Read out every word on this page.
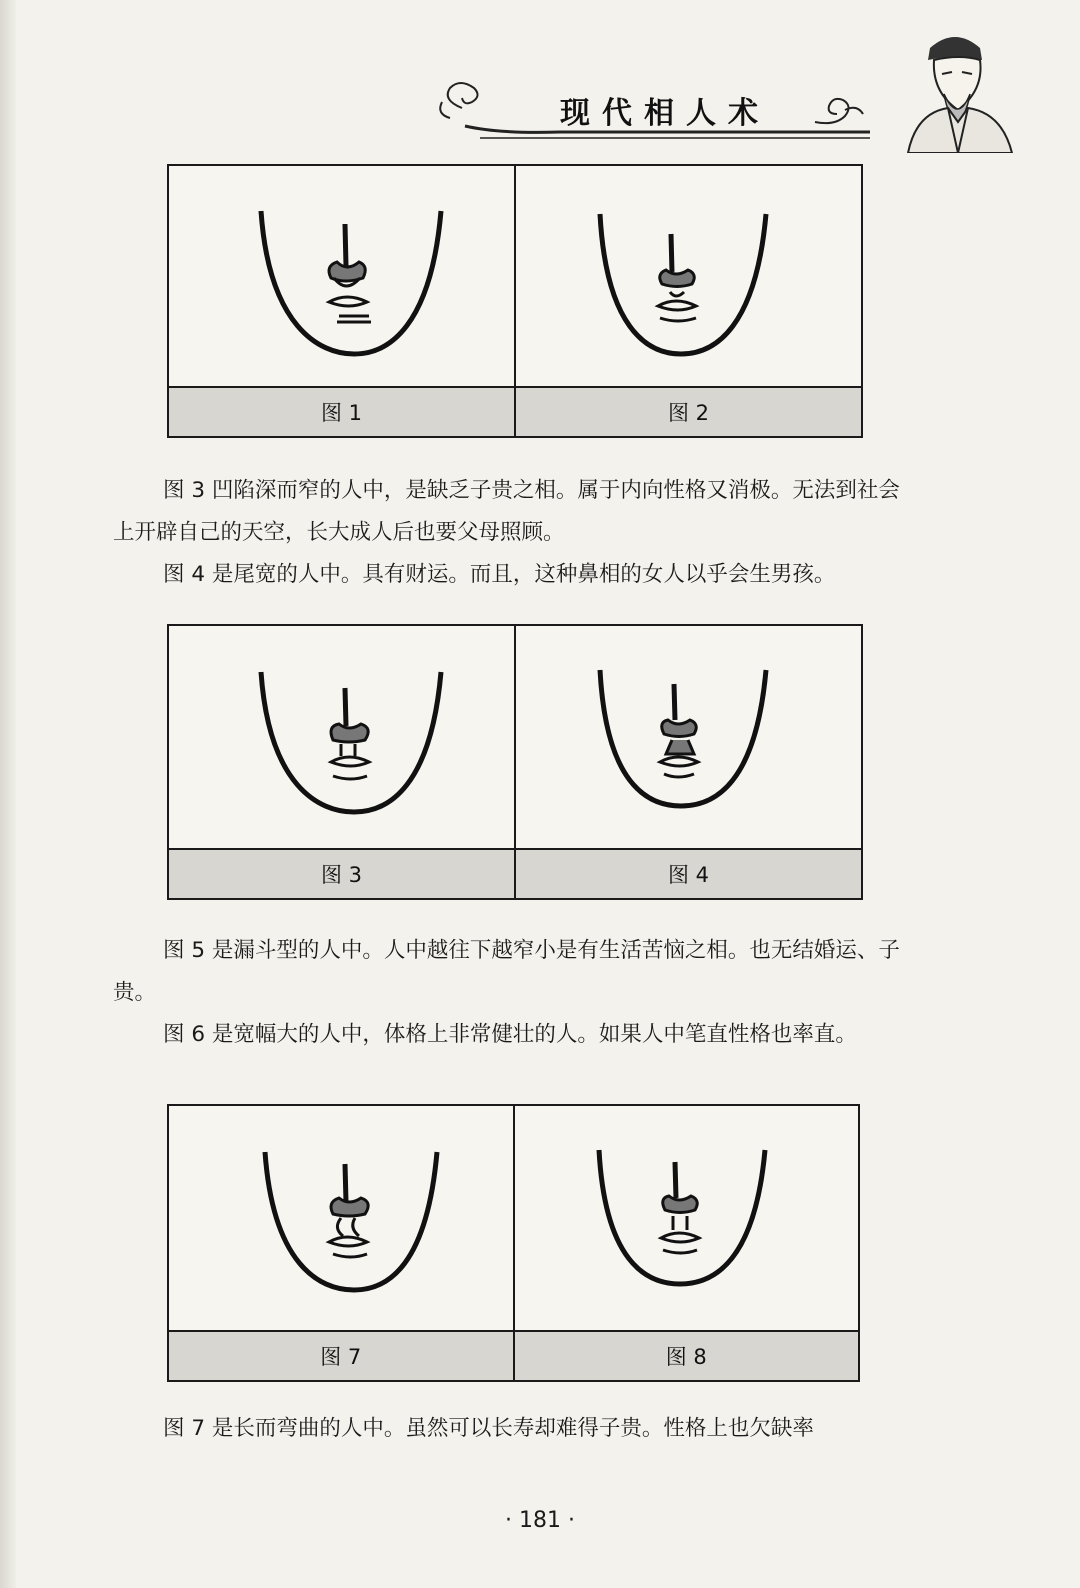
现代相人术
图 1	图 2
图 3 凹陷深而窄的人中，是缺乏子贵之相。属于内向性格又消极。无法到社会上开辟自己的天空，长大成人后也要父母照顾。
图 4 是尾宽的人中。具有财运。而且，这种鼻相的女人以乎会生男孩。
图 3	图 4
图 5 是漏斗型的人中。人中越往下越窄小是有生活苦恼之相。也无结婚运、子贵。
图 6 是宽幅大的人中，体格上非常健壮的人。如果人中笔直性格也率直。
图 7	图 8
图 7 是长而弯曲的人中。虽然可以长寿却难得子贵。性格上也欠缺率
· 181 ·
